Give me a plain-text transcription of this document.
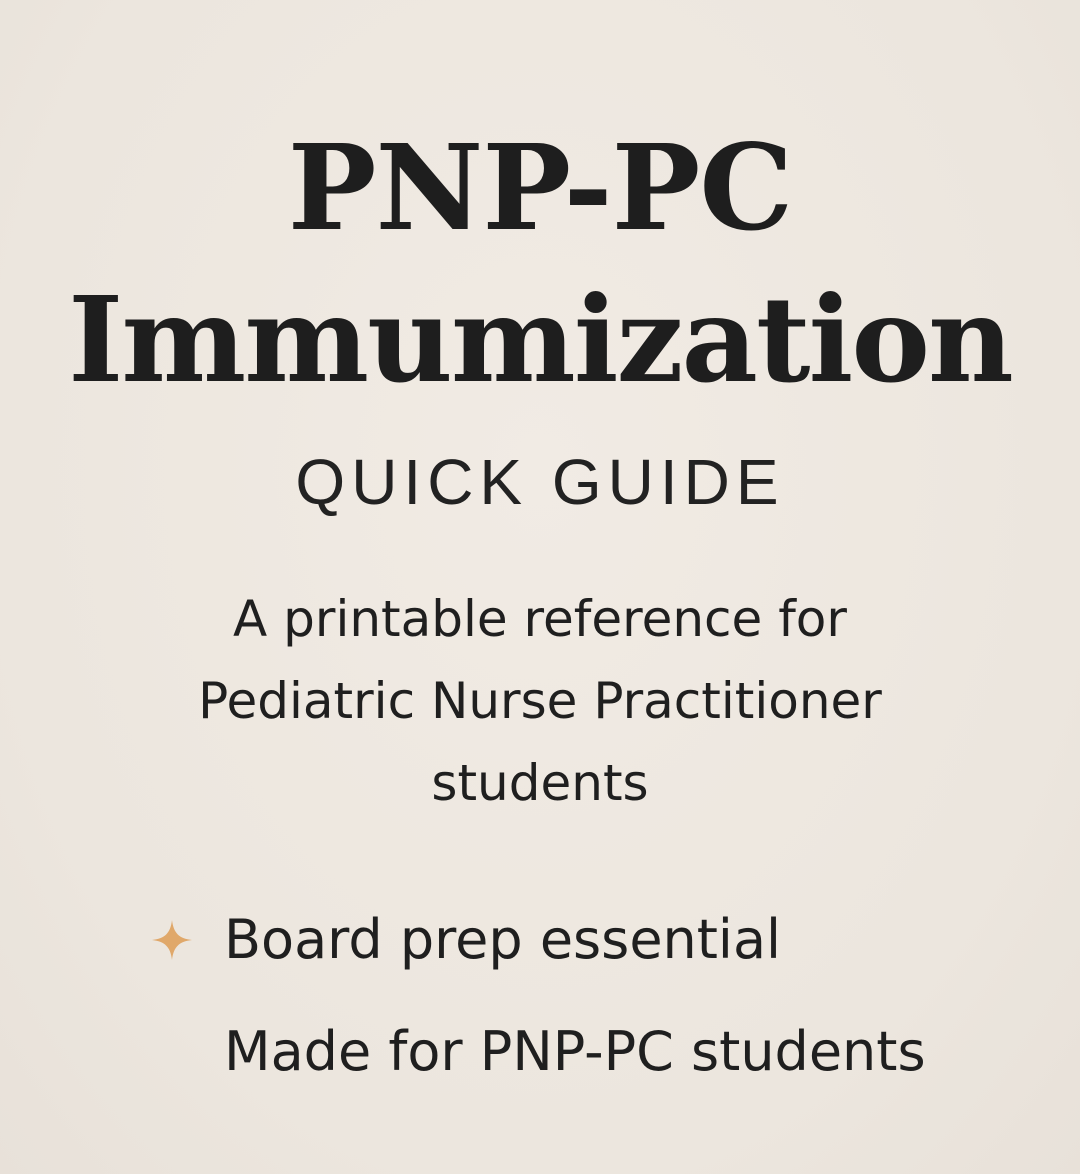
PNP-PC
Immumization

QUICK GUIDE

A printable reference for
Pediatric Nurse Practitioner
students

Board prep essential
Made for PNP-PC students
